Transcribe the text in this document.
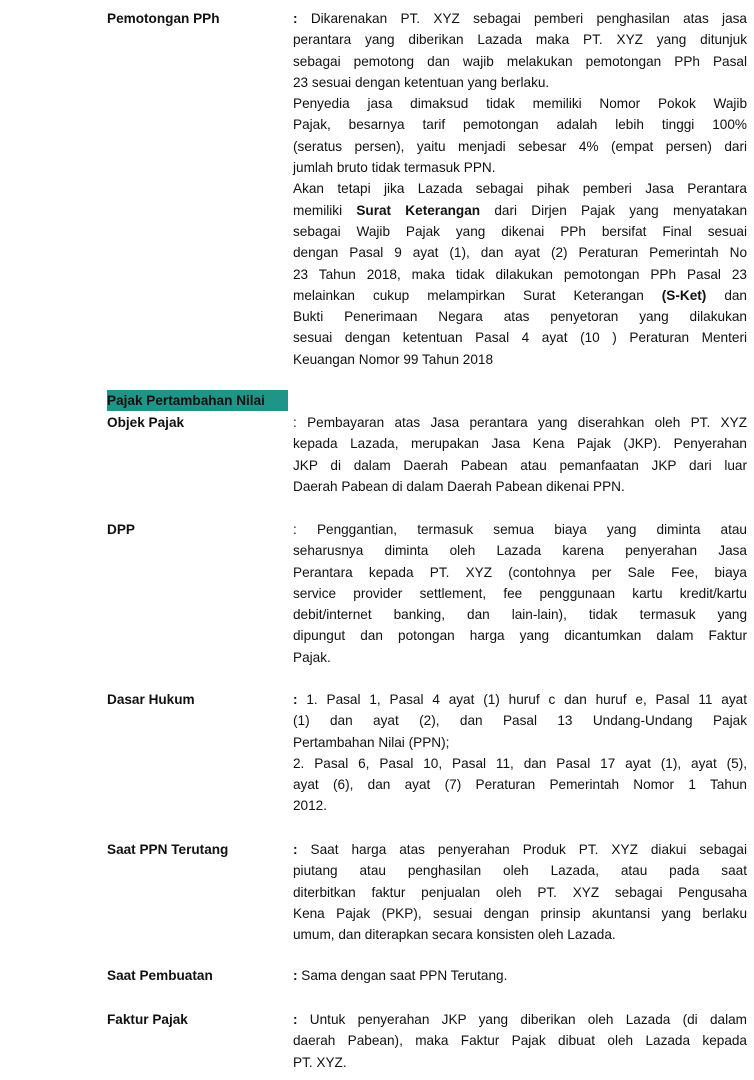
Pajak Pertambahan Nilai
Pemotongan PPh	: Dikarenakan PT. XYZ sebagai pemberi penghasilan atas jasa
perantara yang diberikan Lazada maka PT. XYZ yang ditunjuk
sebagai pemotong dan wajib melakukan pemotongan PPh Pasal
23 sesuai dengan ketentuan yang berlaku.
Penyedia jasa dimaksud tidak memiliki Nomor Pokok Wajib
Pajak, besarnya tarif pemotongan adalah lebih tinggi 100%
(seratus persen), yaitu menjadi sebesar 4% (empat persen) dari
jumlah bruto tidak termasuk PPN.
Akan tetapi jika Lazada sebagai pihak pemberi Jasa Perantara
memiliki Surat Keterangan dari Dirjen Pajak yang menyatakan
sebagai Wajib Pajak yang dikenai PPh bersifat Final sesuai
dengan Pasal 9 ayat (1), dan ayat (2) Peraturan Pemerintah No
23 Tahun 2018, maka tidak dilakukan pemotongan PPh Pasal 23
melainkan cukup melampirkan Surat Keterangan (S-Ket) dan
Bukti Penerimaan Negara atas penyetoran yang dilakukan
sesuai dengan ketentuan Pasal 4 ayat (10 ) Peraturan Menteri
Keuangan Nomor 99 Tahun 2018
Objek Pajak	: Pembayaran atas Jasa perantara yang diserahkan oleh PT. XYZ
kepada Lazada, merupakan Jasa Kena Pajak (JKP). Penyerahan
JKP di dalam Daerah Pabean atau pemanfaatan JKP dari luar
Daerah Pabean di dalam Daerah Pabean dikenai PPN.
DPP	: Penggantian, termasuk semua biaya yang diminta atau
seharusnya diminta oleh Lazada karena penyerahan Jasa
Perantara kepada PT. XYZ (contohnya per Sale Fee, biaya
service provider settlement, fee penggunaan kartu kredit/kartu
debit/internet banking, dan lain-lain), tidak termasuk yang
dipungut dan potongan harga yang dicantumkan dalam Faktur
Pajak.
Dasar Hukum	: 1. Pasal 1, Pasal 4 ayat (1) huruf c dan huruf e, Pasal 11 ayat
(1) dan ayat (2), dan Pasal 13 Undang-Undang Pajak
Pertambahan Nilai (PPN);
2. Pasal 6, Pasal 10, Pasal 11, dan Pasal 17 ayat (1), ayat (5),
ayat (6), dan ayat (7) Peraturan Pemerintah Nomor 1 Tahun
2012.
Saat PPN Terutang	: Saat harga atas penyerahan Produk PT. XYZ diakui sebagai
piutang atau penghasilan oleh Lazada, atau pada saat
diterbitkan faktur penjualan oleh PT. XYZ sebagai Pengusaha
Kena Pajak (PKP), sesuai dengan prinsip akuntansi yang berlaku
umum, dan diterapkan secara konsisten oleh Lazada.
Saat Pembuatan	: Sama dengan saat PPN Terutang.
Faktur Pajak	: Untuk penyerahan JKP yang diberikan oleh Lazada (di dalam
daerah Pabean), maka Faktur Pajak dibuat oleh Lazada kepada
PT. XYZ.
